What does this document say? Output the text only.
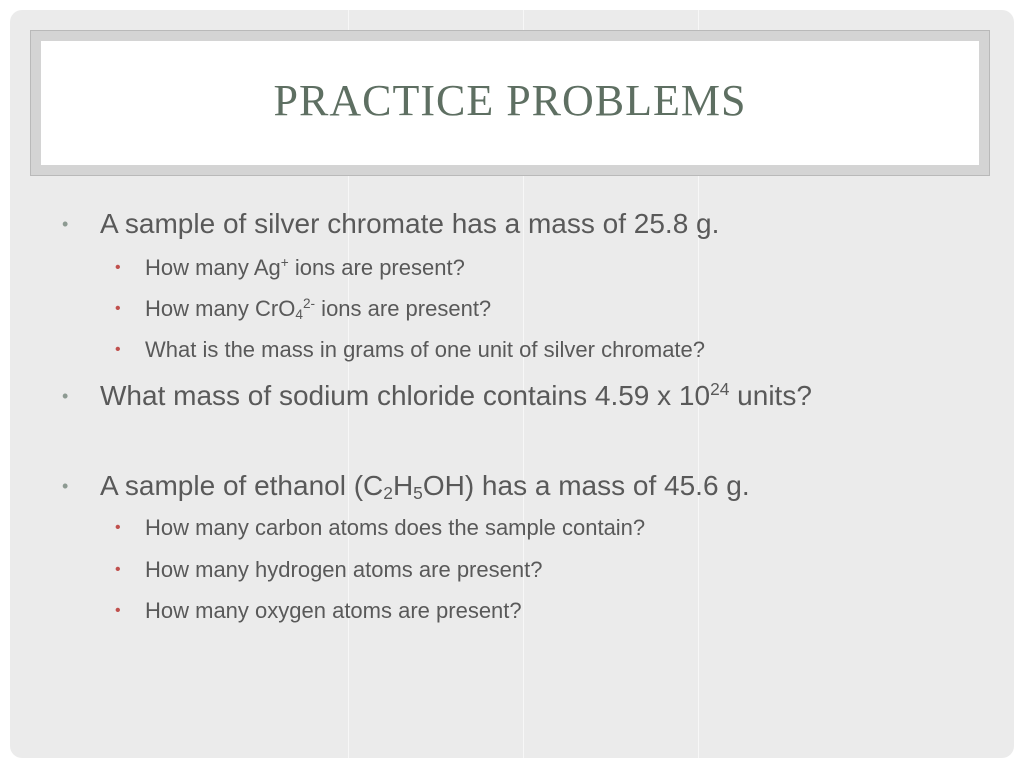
PRACTICE PROBLEMS
• A sample of silver chromate has a mass of 25.8 g.
• How many Ag+ ions are present?
• How many CrO$_4^{2-}$ ions are present?
• What is the mass in grams of one unit of silver chromate?
• What mass of sodium chloride contains 4.59 x $10^{24}$ units?
• A sample of ethanol $(C_2H_5OH)$ has a mass of 45.6 g.
• How many carbon atoms does the sample contain?
• How many hydrogen atoms are present?
• How many oxygen atoms are present?
